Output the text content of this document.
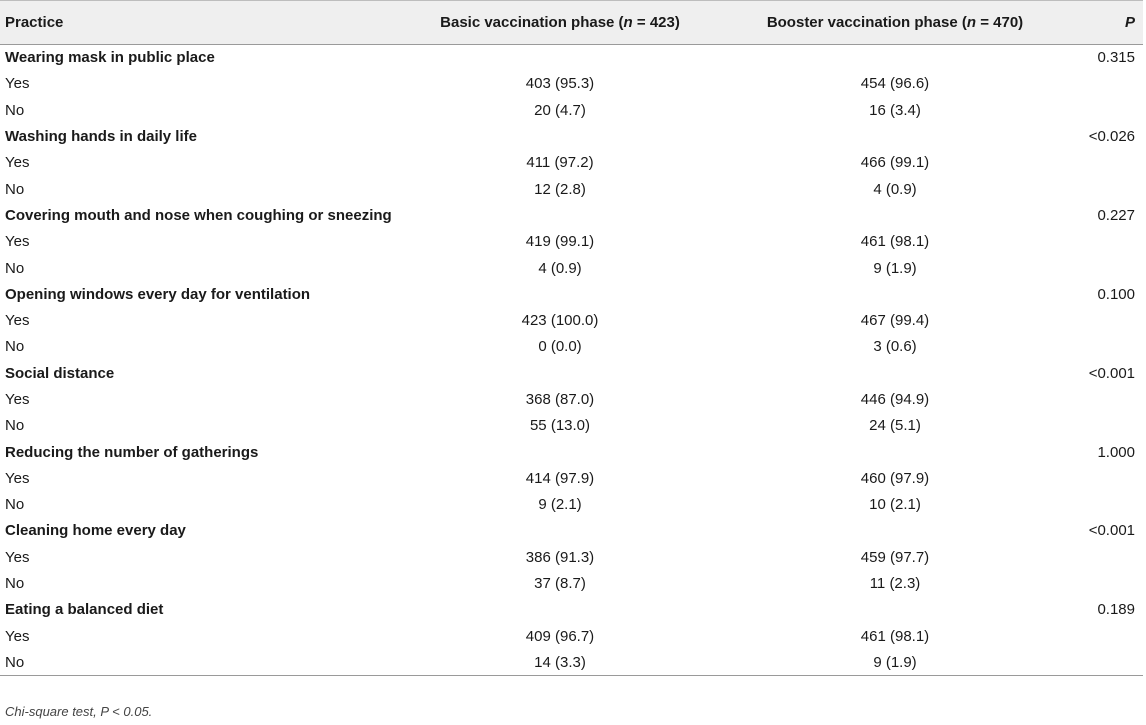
Practice	Basic vaccination phase (n = 423)	Booster vaccination phase (n = 470)	P
Wearing mask in public place			0.315
Yes	403 (95.3)	454 (96.6)	
No	20 (4.7)	16 (3.4)	
Washing hands in daily life			<0.026
Yes	411 (97.2)	466 (99.1)	
No	12 (2.8)	4 (0.9)	
Covering mouth and nose when coughing or sneezing			0.227
Yes	419 (99.1)	461 (98.1)	
No	4 (0.9)	9 (1.9)	
Opening windows every day for ventilation			0.100
Yes	423 (100.0)	467 (99.4)	
No	0 (0.0)	3 (0.6)	
Social distance			<0.001
Yes	368 (87.0)	446 (94.9)	
No	55 (13.0)	24 (5.1)	
Reducing the number of gatherings			1.000
Yes	414 (97.9)	460 (97.9)	
No	9 (2.1)	10 (2.1)	
Cleaning home every day			<0.001
Yes	386 (91.3)	459 (97.7)	
No	37 (8.7)	11 (2.3)	
Eating a balanced diet			0.189
Yes	409 (96.7)	461 (98.1)	
No	14 (3.3)	9 (1.9)	
Chi-square test, P < 0.05.
